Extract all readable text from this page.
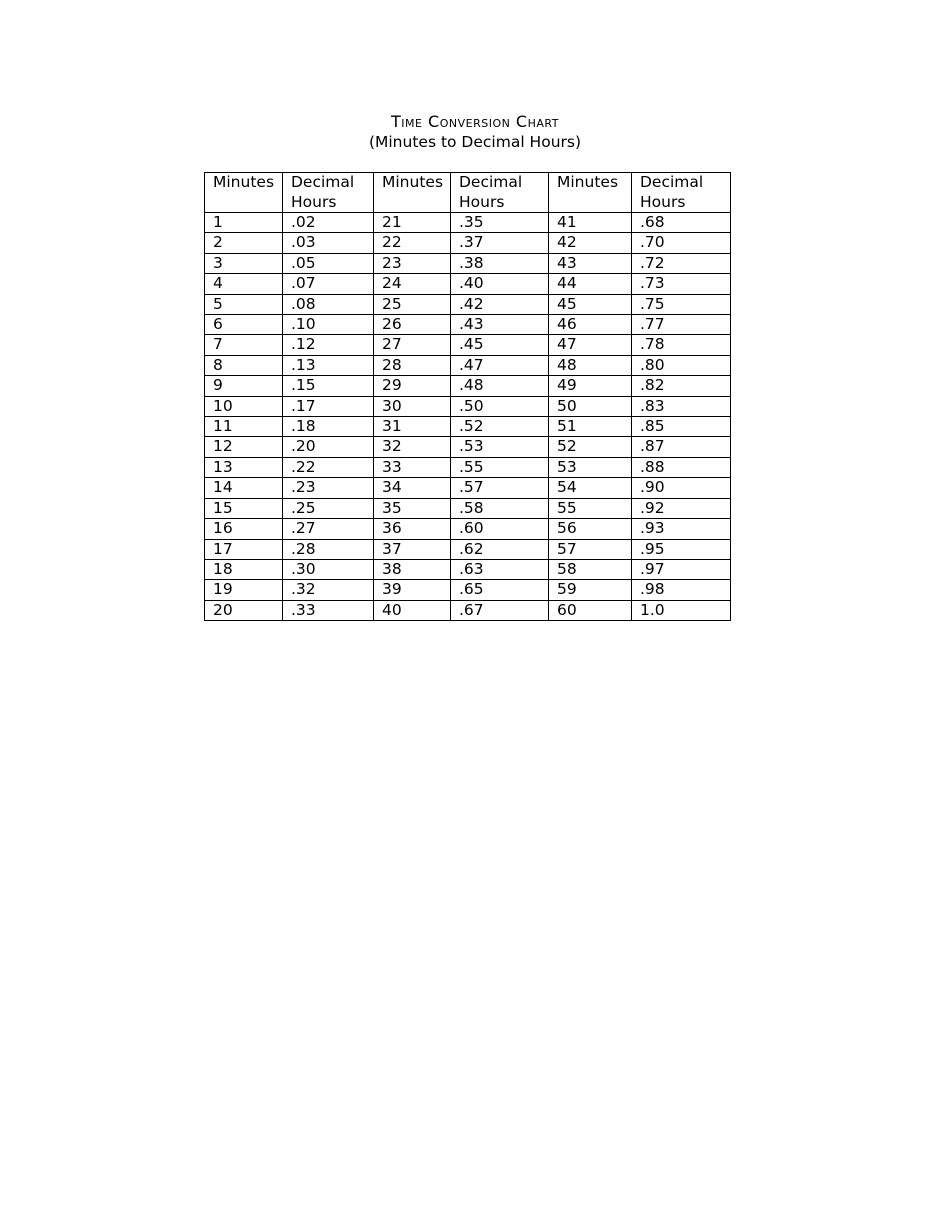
Time Conversion Chart
(Minutes to Decimal Hours)
Minutes	Decimal Hours	Minutes	Decimal Hours	Minutes	Decimal Hours
1	.02	21	.35	41	.68
2	.03	22	.37	42	.70
3	.05	23	.38	43	.72
4	.07	24	.40	44	.73
5	.08	25	.42	45	.75
6	.10	26	.43	46	.77
7	.12	27	.45	47	.78
8	.13	28	.47	48	.80
9	.15	29	.48	49	.82
10	.17	30	.50	50	.83
11	.18	31	.52	51	.85
12	.20	32	.53	52	.87
13	.22	33	.55	53	.88
14	.23	34	.57	54	.90
15	.25	35	.58	55	.92
16	.27	36	.60	56	.93
17	.28	37	.62	57	.95
18	.30	38	.63	58	.97
19	.32	39	.65	59	.98
20	.33	40	.67	60	1.0
